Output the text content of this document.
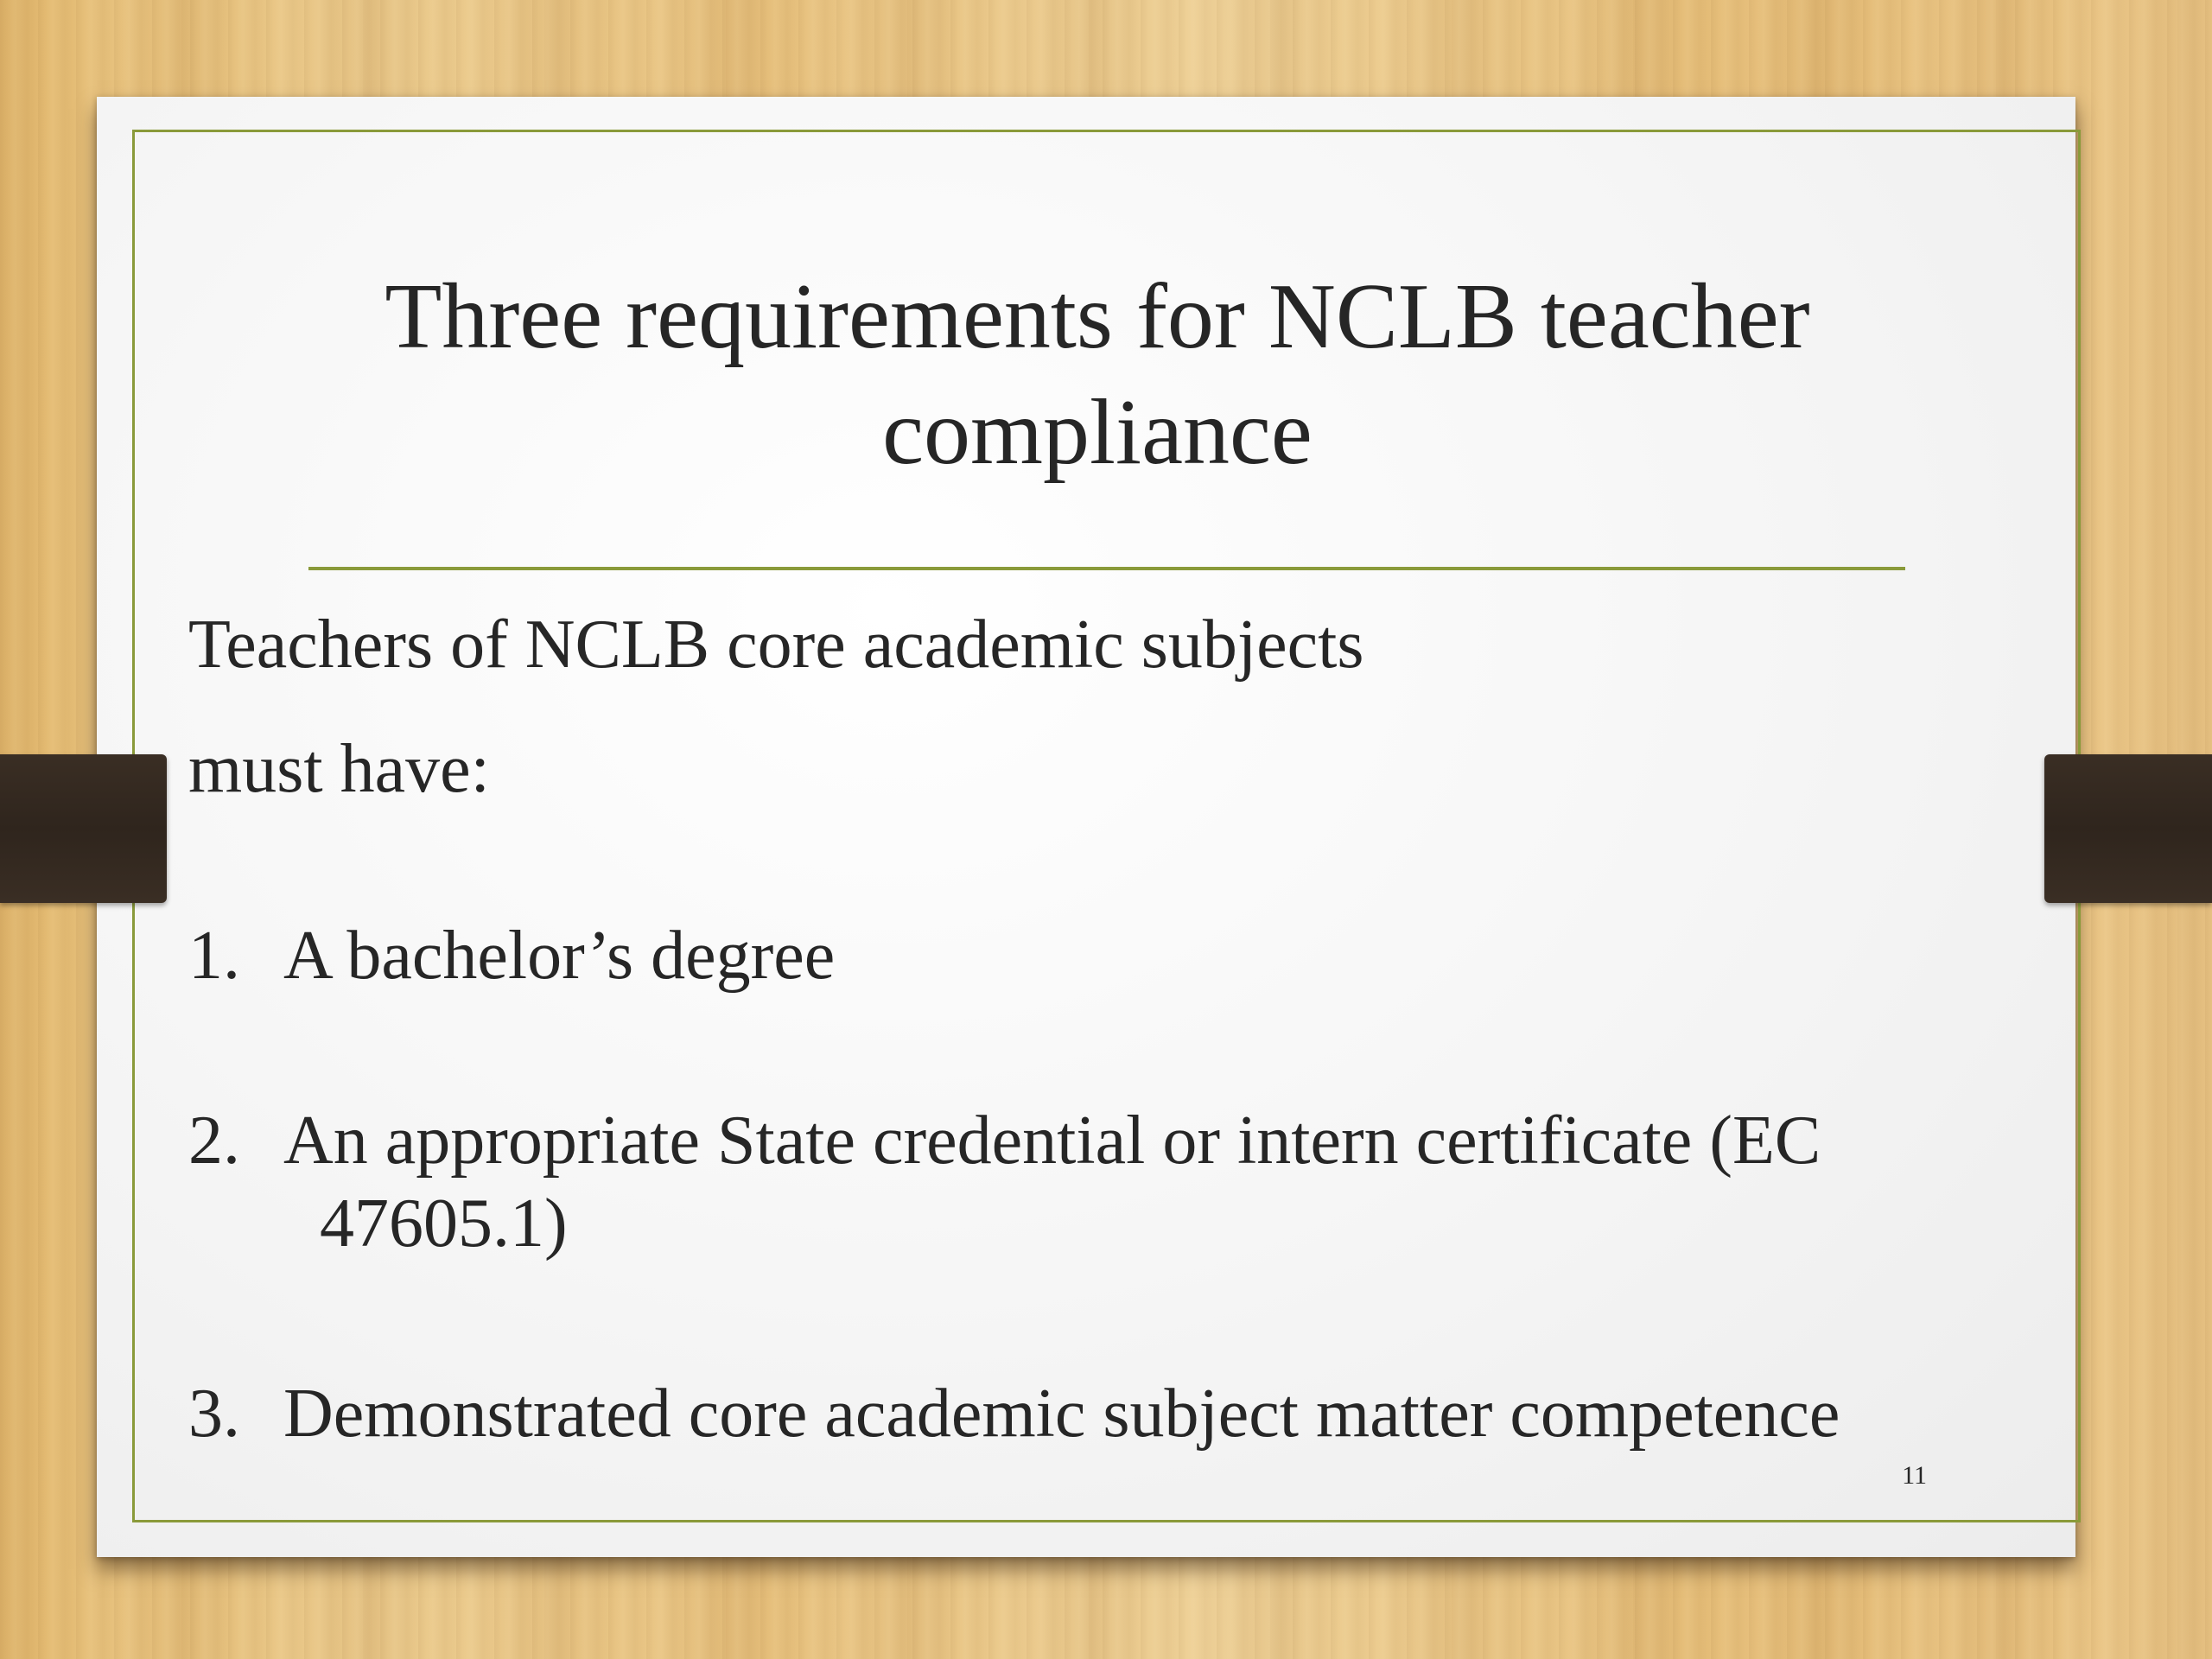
Three requirements for NCLB teacher compliance

Teachers of NCLB core academic subjects

must have:

1. A bachelor’s degree

2. An appropriate State credential or intern certificate (EC
47605.1)

3. Demonstrated core academic subject matter competence

11
